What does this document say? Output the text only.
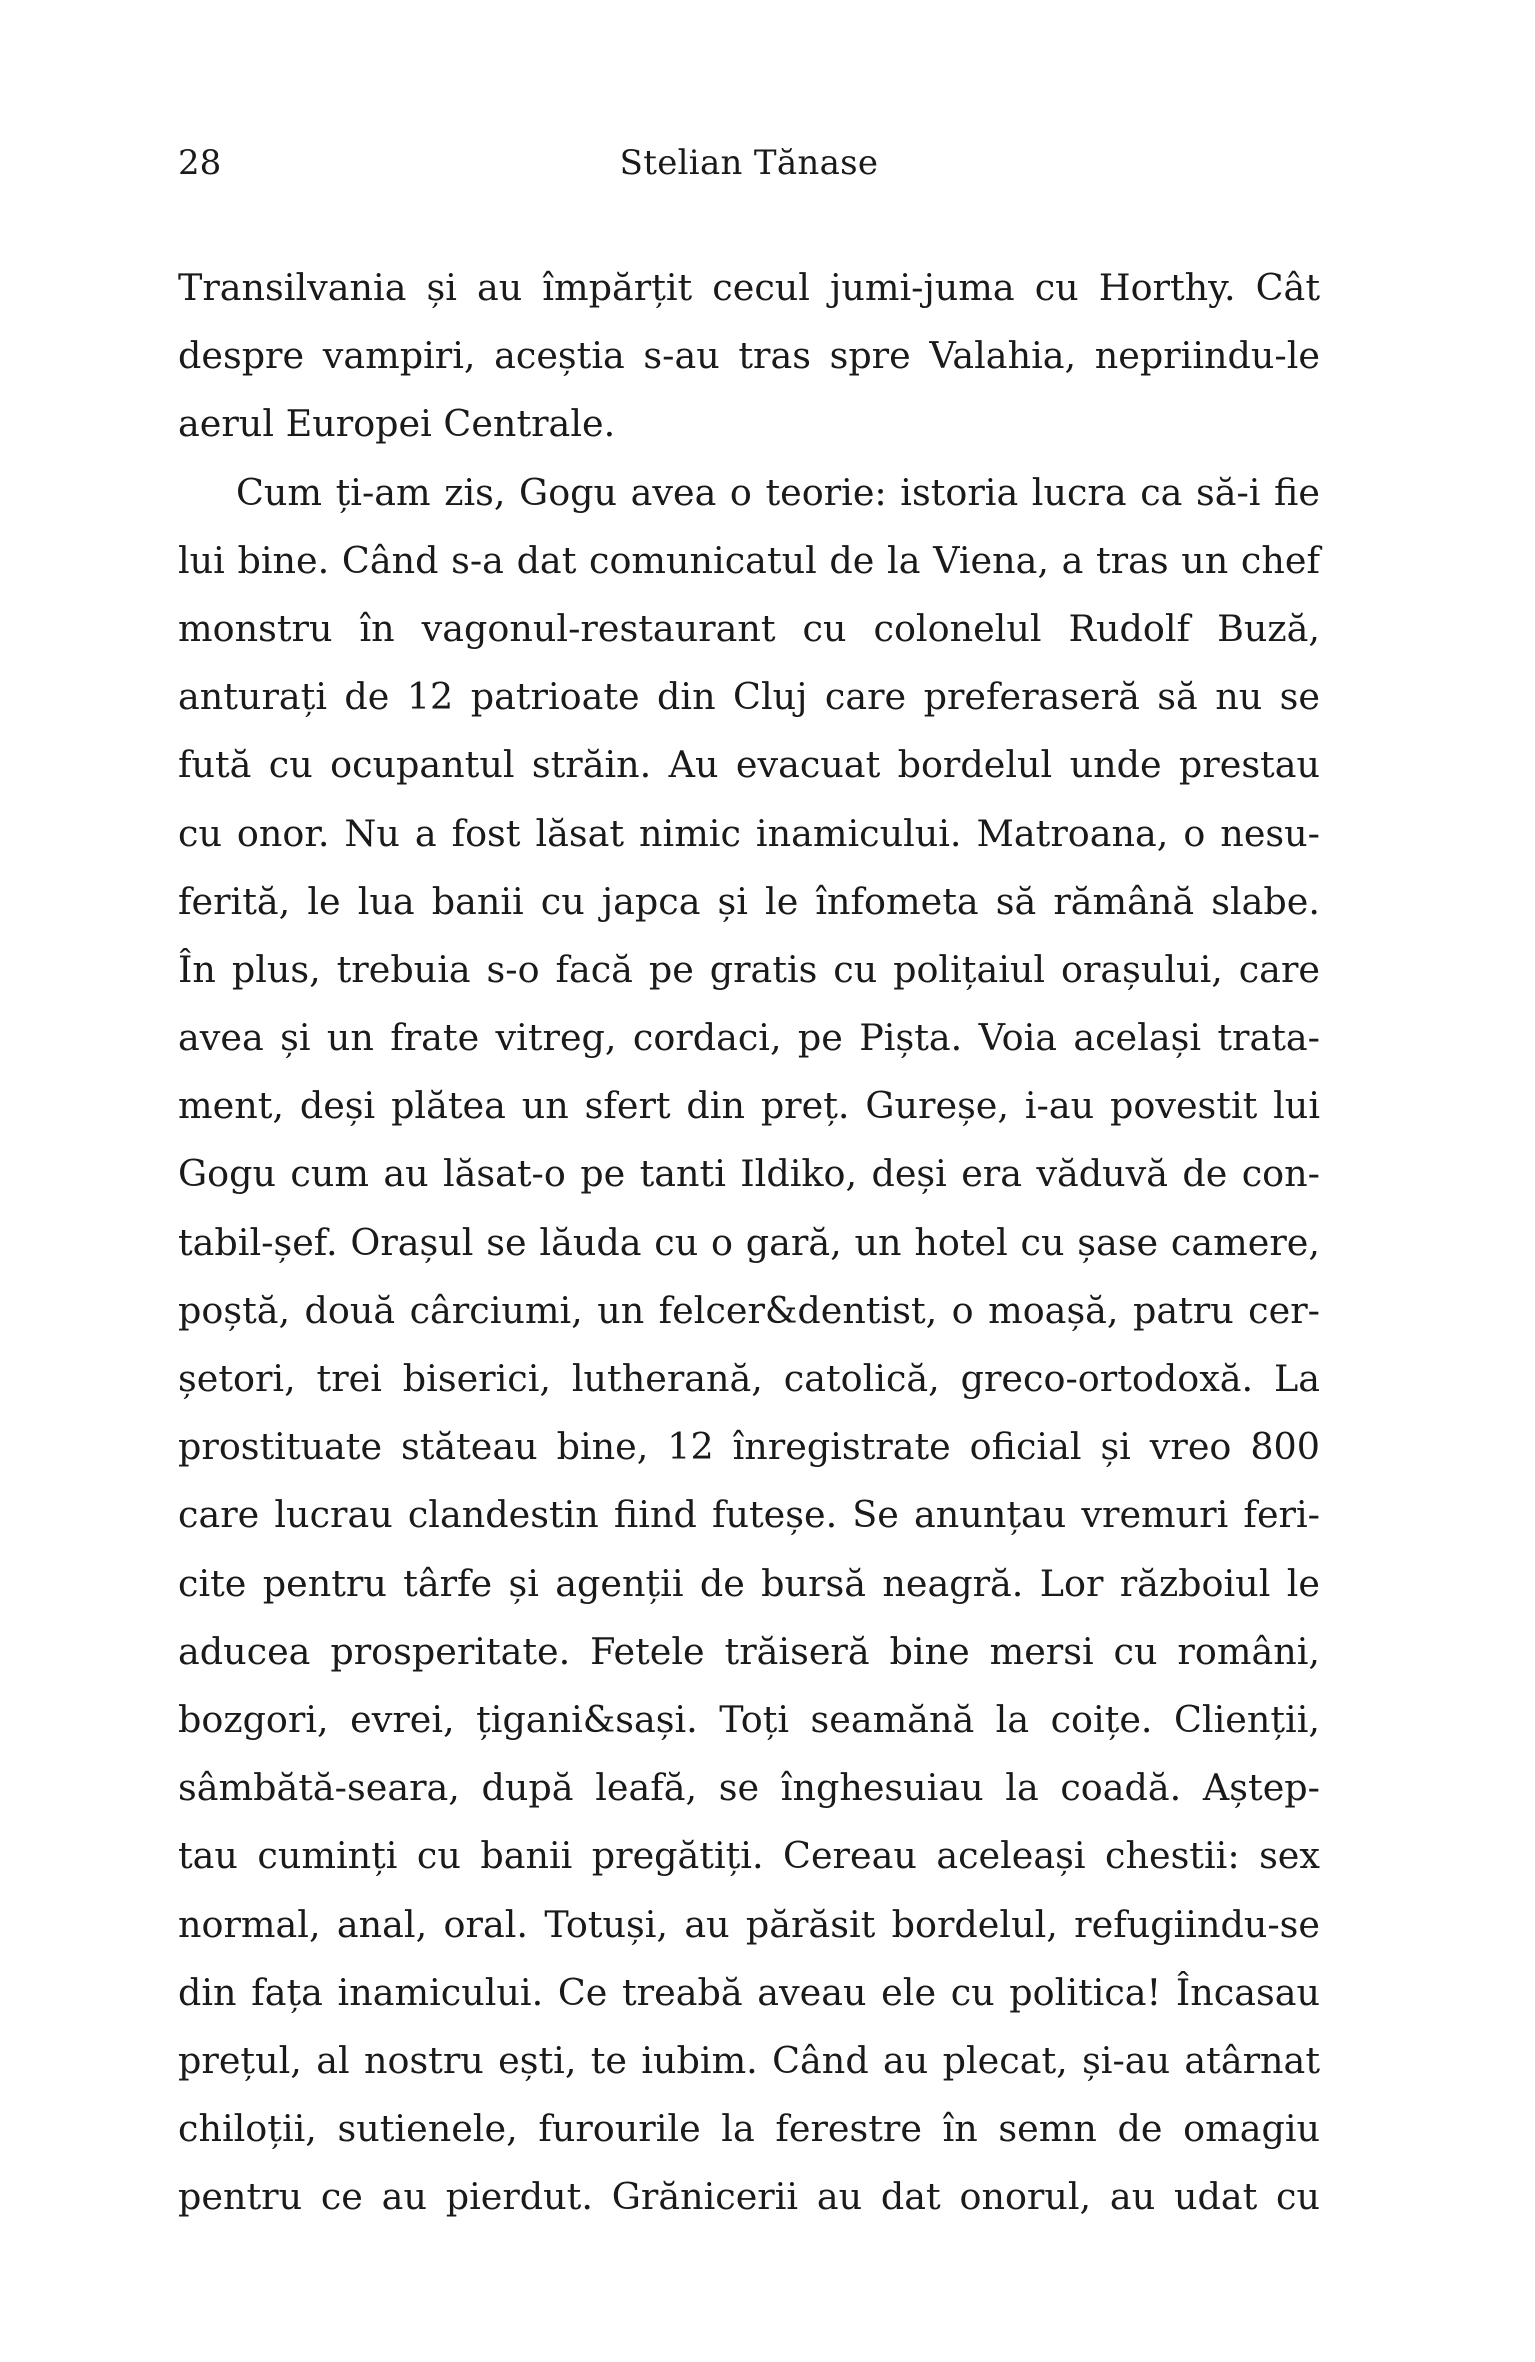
28	Stelian Tănase
Transilvania și au împărțit cecul jumi-juma cu Horthy. Cât
despre vampiri, aceștia s-au tras spre Valahia, nepriindu-le
aerul Europei Centrale.
Cum ți-am zis, Gogu avea o teorie: istoria lucra ca să-i fie
lui bine. Când s-a dat comunicatul de la Viena, a tras un chef
monstru în vagonul-restaurant cu colonelul Rudolf Buză,
anturați de 12 patrioate din Cluj care preferaseră să nu se
fută cu ocupantul străin. Au evacuat bordelul unde prestau
cu onor. Nu a fost lăsat nimic inamicului. Matroana, o nesu-
ferită, le lua banii cu japca și le înfometa să rămână slabe.
În plus, trebuia s-o facă pe gratis cu polițaiul orașului, care
avea și un frate vitreg, cordaci, pe Pișta. Voia același trata-
ment, deși plătea un sfert din preț. Gureșe, i-au povestit lui
Gogu cum au lăsat-o pe tanti Ildiko, deși era văduvă de con-
tabil-șef. Orașul se lăuda cu o gară, un hotel cu șase camere,
poștă, două cârciumi, un felcer&dentist, o moașă, patru cer-
șetori, trei biserici, lutherană, catolică, greco-ortodoxă. La
prostituate stăteau bine, 12 înregistrate oficial și vreo 800
care lucrau clandestin fiind futeșe. Se anunțau vremuri feri-
cite pentru târfe și agenții de bursă neagră. Lor războiul le
aducea prosperitate. Fetele trăiseră bine mersi cu români,
bozgori, evrei, țigani&sași. Toți seamănă la coițe. Clienții,
sâmbătă-seara, după leafă, se înghesuiau la coadă. Aștep-
tau cuminți cu banii pregătiți. Cereau aceleași chestii: sex
normal, anal, oral. Totuși, au părăsit bordelul, refugiindu-se
din fața inamicului. Ce treabă aveau ele cu politica! Încasau
prețul, al nostru ești, te iubim. Când au plecat, și-au atârnat
chiloții, sutienele, furourile la ferestre în semn de omagiu
pentru ce au pierdut. Grănicerii au dat onorul, au udat cu
